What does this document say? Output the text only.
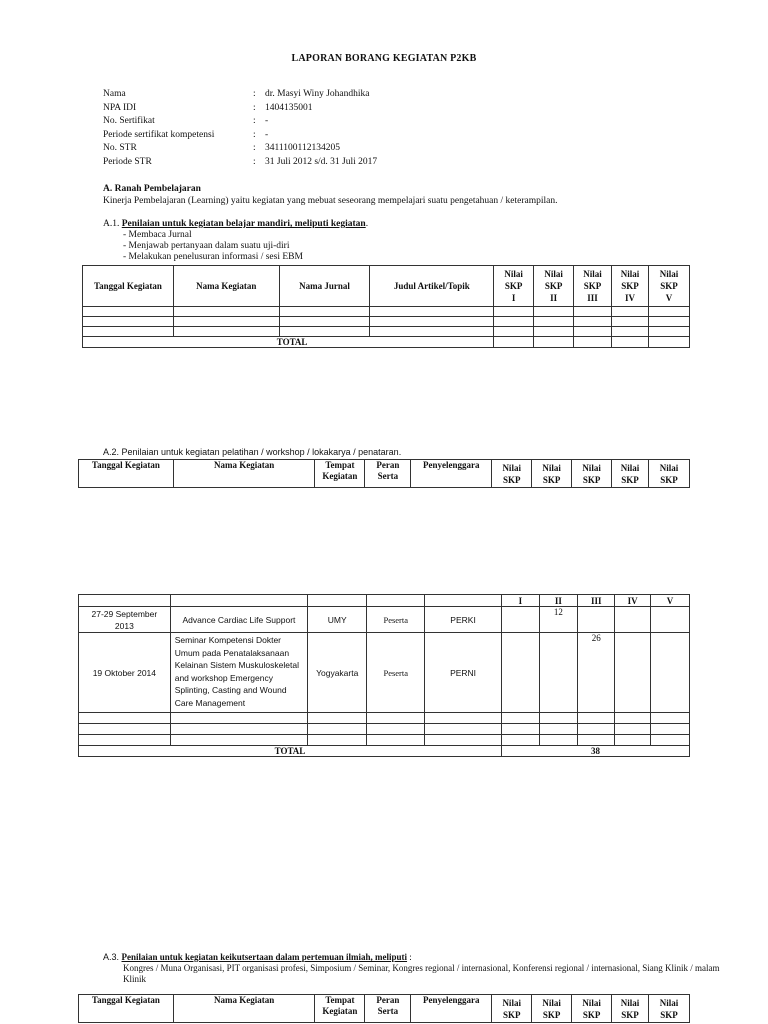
LAPORAN BORANG KEGIATAN P2KB
Nama	: dr. Masyi Winy Johandhika
NPA IDI	: 1404135001
No. Sertifikat	: -
Periode sertifikat kompetensi	: -
No. STR	: 3411100112134205
Periode STR	: 31 Juli 2012 s/d. 31 Juli 2017
A. Ranah Pembelajaran
Kinerja Pembelajaran (Learning) yaitu kegiatan yang mebuat seseorang mempelajari suatu pengetahuan / keterampilan.
A.1. Penilaian untuk kegiatan belajar mandiri, meliputi kegiatan.
- Membaca Jurnal
- Menjawab pertanyaan dalam suatu uji-diri
- Melakukan penelusuran informasi / sesi EBM
Tanggal Kegiatan	Nama Kegiatan	Nama Jurnal	Judul Artikel/Topik	Nilai
SKP
I	Nilai
SKP
II	Nilai
SKP
III	Nilai
SKP
IV	Nilai
SKP
V

TOTAL								
A.2. Penilaian untuk kegiatan pelatihan / workshop / lokakarya / penataran.
Tanggal Kegiatan	Nama Kegiatan	Tempat Kegiatan	Peran Serta	Penyelenggara	Nilai
SKP	Nilai
SKP	Nilai
SKP	Nilai
SKP	Nilai
SKP
					I	II	III	IV	V
27-29 September 2013	Advance Cardiac Life Support	UMY	Peserta	PERKI		12			
19 Oktober 2014	Seminar Kompetensi Dokter Umum pada Penatalaksanaan Kelainan Sistem Muskuloskeletal and workshop Emergency Splinting, Casting and Wound Care Management	Yogyakarta	Peserta	PERNI			26		

TOTAL					38				
A.3. Penilaian untuk kegiatan keikutsertaan dalam pertemuan ilmiah, meliputi :
Kongres / Muna Organisasi, PIT organisasi profesi, Simposium / Seminar, Kongres regional / internasional, Konferensi regional / internasional, Siang Klinik / malam Klinik
Tanggal Kegiatan	Nama Kegiatan	Tempat Kegiatan	Peran Serta	Penyelenggara	Nilai
SKP	Nilai
SKP	Nilai
SKP	Nilai
SKP	Nilai
SKP
